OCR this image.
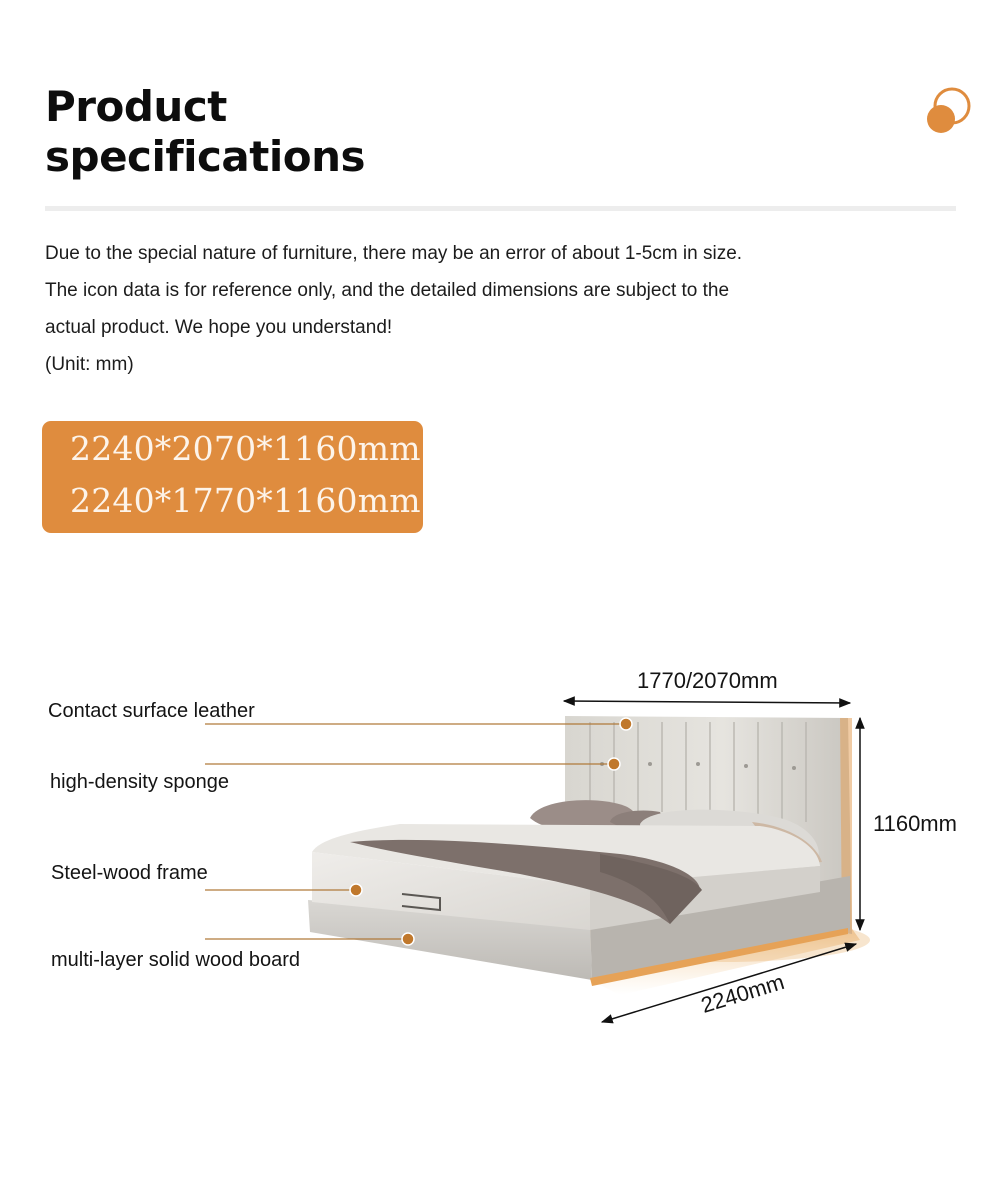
Product
specifications

Due to the special nature of furniture, there may be an error of about 1-5cm in size.

The icon data is for reference only, and the detailed dimensions are subject to the

actual product. We hope you understand!

(Unit: mm)

2240*2070*1160mm
2240*1770*1160mm
Contact surface leather
high-density sponge
Steel-wood frame
multi-layer solid wood board
1770/2070mm
1160mm
2240mm
